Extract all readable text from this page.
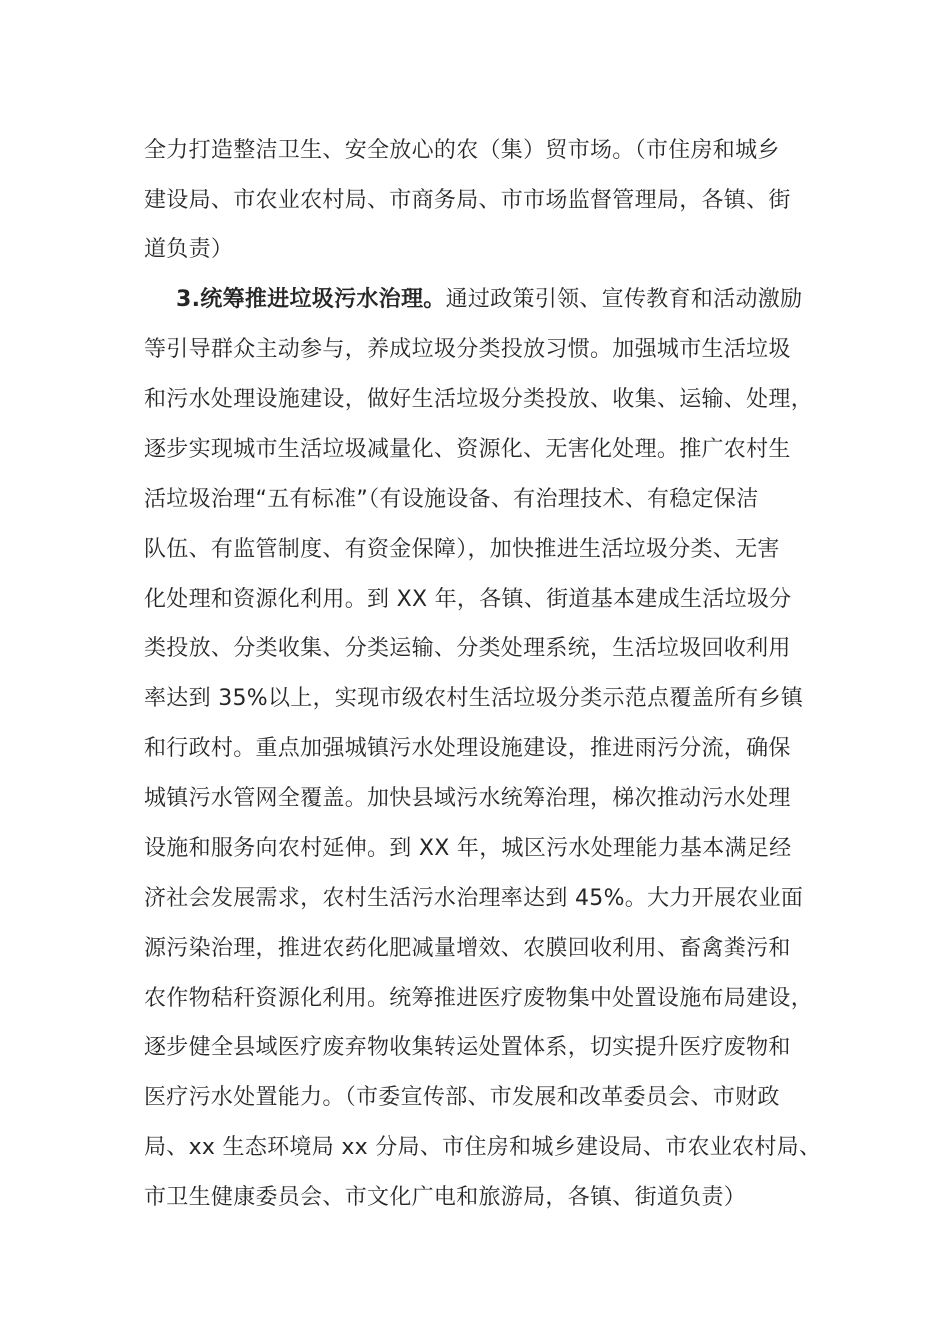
全力打造整洁卫生、安全放心的农（集）贸市场。（市住房和城乡
建设局、市农业农村局、市商务局、市市场监督管理局，各镇、街
道负责）
3.统筹推进垃圾污水治理。通过政策引领、宣传教育和活动激励
等引导群众主动参与，养成垃圾分类投放习惯。加强城市生活垃圾
和污水处理设施建设，做好生活垃圾分类投放、收集、运输、处理，
逐步实现城市生活垃圾减量化、资源化、无害化处理。推广农村生
活垃圾治理“五有标准”（有设施设备、有治理技术、有稳定保洁
队伍、有监管制度、有资金保障），加快推进生活垃圾分类、无害
化处理和资源化利用。到 XX 年，各镇、街道基本建成生活垃圾分
类投放、分类收集、分类运输、分类处理系统，生活垃圾回收利用
率达到 35%以上，实现市级农村生活垃圾分类示范点覆盖所有乡镇
和行政村。重点加强城镇污水处理设施建设，推进雨污分流，确保
城镇污水管网全覆盖。加快县域污水统筹治理，梯次推动污水处理
设施和服务向农村延伸。到 XX 年，城区污水处理能力基本满足经
济社会发展需求，农村生活污水治理率达到 45%。大力开展农业面
源污染治理，推进农药化肥减量增效、农膜回收利用、畜禽粪污和
农作物秸秆资源化利用。统筹推进医疗废物集中处置设施布局建设，
逐步健全县域医疗废弃物收集转运处置体系，切实提升医疗废物和
医疗污水处置能力。（市委宣传部、市发展和改革委员会、市财政
局、xx 生态环境局 xx 分局、市住房和城乡建设局、市农业农村局、
市卫生健康委员会、市文化广电和旅游局，各镇、街道负责）
